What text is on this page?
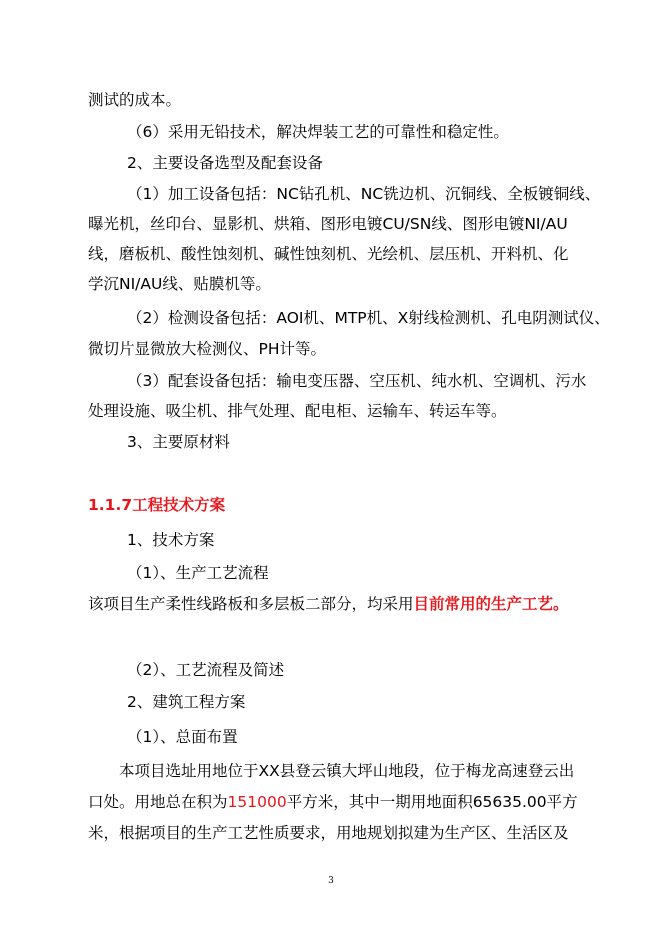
测试的成本。
（6）采用无铅技术，解决焊装工艺的可靠性和稳定性。
2、主要设备选型及配套设备
（1）加工设备包括：NC钻孔机、NC铣边机、沉铜线、全板镀铜线、
曝光机，丝印台、显影机、烘箱、图形电镀CU/SN线、图形电镀NI/AU
线，磨板机、酸性蚀刻机、碱性蚀刻机、光绘机、层压机、开料机、化
学沉NI/AU线、贴膜机等。
（2）检测设备包括：AOI机、MTP机、X射线检测机、孔电阴测试仪、
微切片显微放大检测仪、PH计等。
（3）配套设备包括：输电变压器、空压机、纯水机、空调机、污水
处理设施、吸尘机、排气处理、配电柜、运输车、转运车等。
3、主要原材料
1.1.7工程技术方案
1、技术方案
（1）、生产工艺流程
该项目生产柔性线路板和多层板二部分，均采用目前常用的生产工艺。
（2）、工艺流程及简述
2、建筑工程方案
（1）、总面布置
本项目选址用地位于XX县登云镇大坪山地段，位于梅龙高速登云出
口处。用地总在积为151000平方米，其中一期用地面积65635.00平方
米，根据项目的生产工艺性质要求，用地规划拟建为生产区、生活区及
3
